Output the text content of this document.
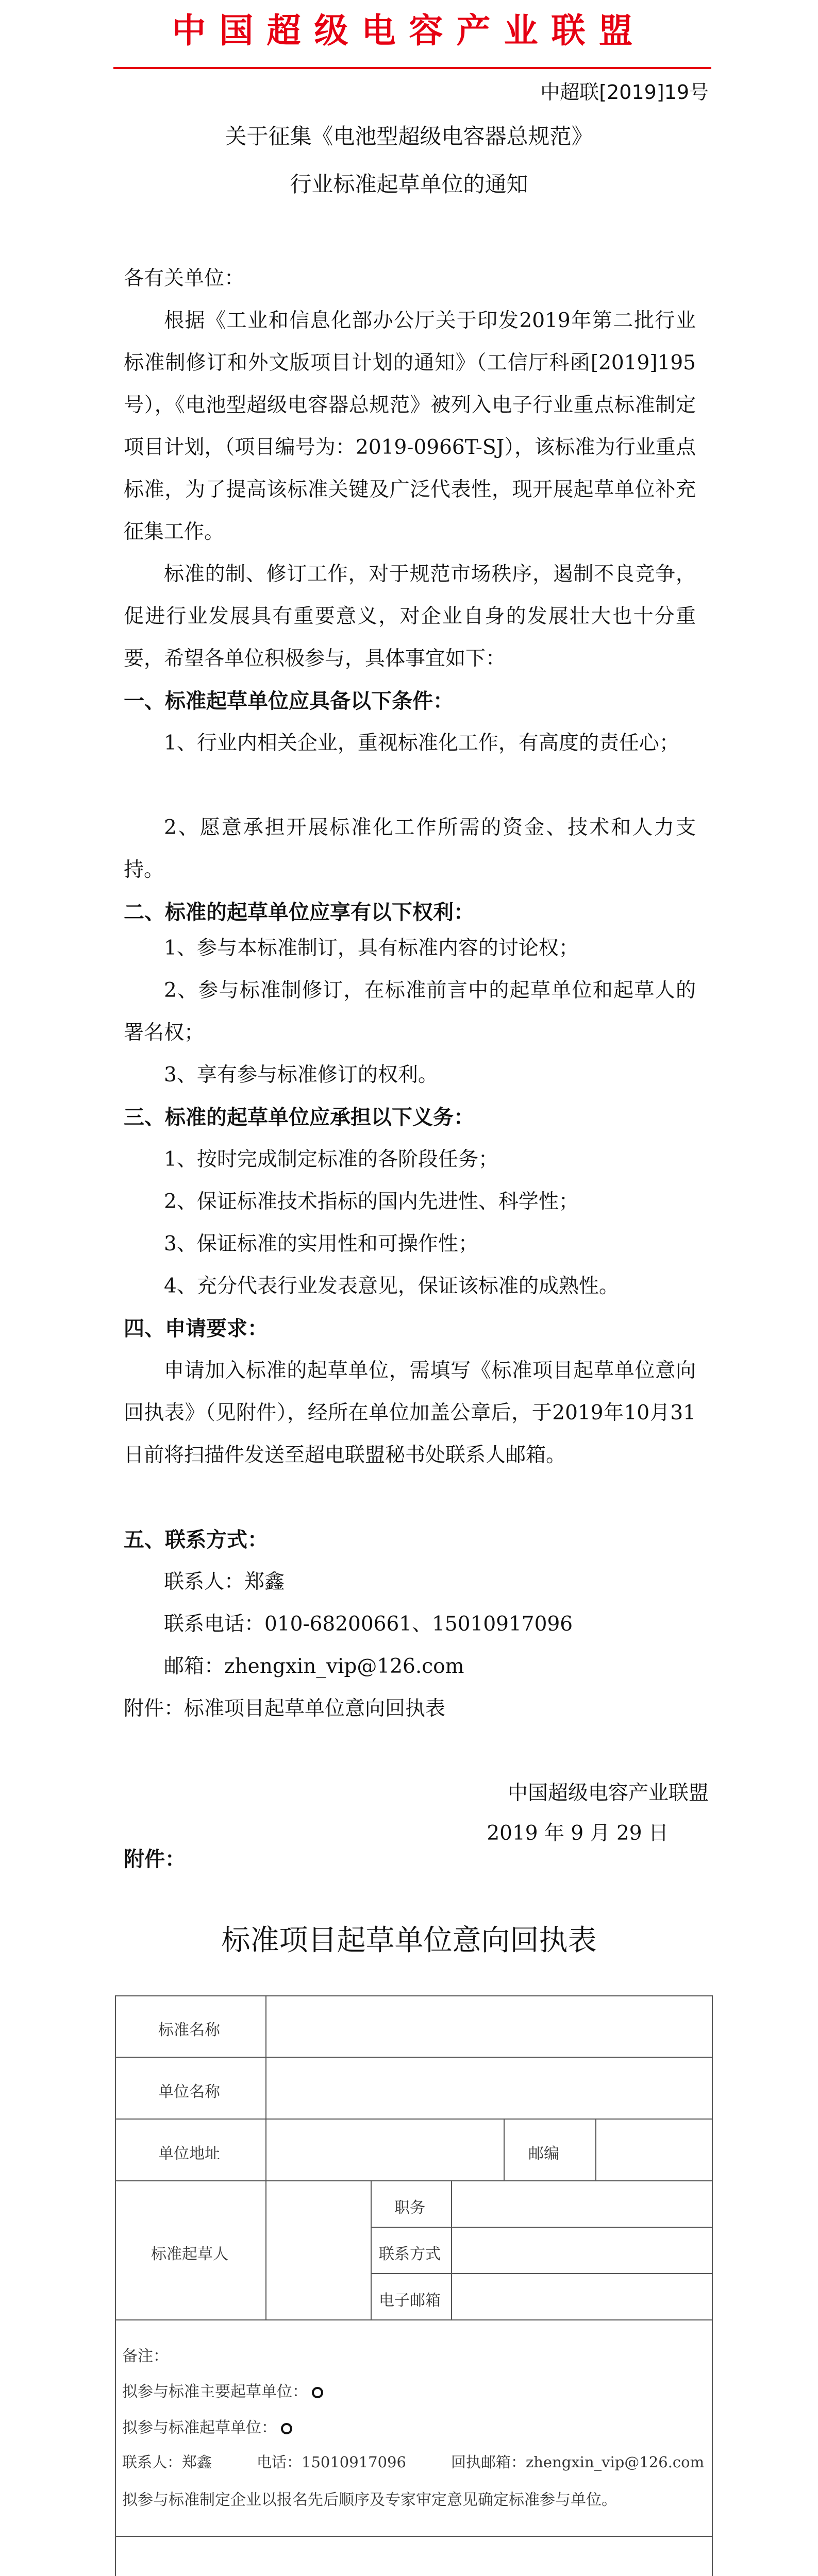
中国超级电容产业联盟
中超联[2019]19号
关于征集《电池型超级电容器总规范》
行业标准起草单位的通知
各有关单位：
根据《工业和信息化部办公厅关于印发2019年第二批行业标准制修订和外文版项目计划的通知》（工信厅科函[2019]195号），《电池型超级电容器总规范》被列入电子行业重点标准制定项目计划，（项目编号为：2019-0966T-SJ），该标准为行业重点标准，为了提高该标准关键及广泛代表性，现开展起草单位补充征集工作。
标准的制、修订工作，对于规范市场秩序，遏制不良竞争，促进行业发展具有重要意义，对企业自身的发展壮大也十分重要，希望各单位积极参与，具体事宜如下：
一、标准起草单位应具备以下条件：
1、行业内相关企业，重视标准化工作，有高度的责任心；
2、愿意承担开展标准化工作所需的资金、技术和人力支持。
二、标准的起草单位应享有以下权利：
1、参与本标准制订，具有标准内容的讨论权；
2、参与标准制修订，在标准前言中的起草单位和起草人的署名权；
3、享有参与标准修订的权利。
三、标准的起草单位应承担以下义务：
1、按时完成制定标准的各阶段任务；
2、保证标准技术指标的国内先进性、科学性；
3、保证标准的实用性和可操作性；
4、充分代表行业发表意见，保证该标准的成熟性。
四、申请要求：
申请加入标准的起草单位，需填写《标准项目起草单位意向回执表》（见附件），经所在单位加盖公章后，于2019年10月31日前将扫描件发送至超电联盟秘书处联系人邮箱。
五、联系方式：
联系人：郑鑫
联系电话：010-68200661、15010917096
邮箱：zhengxin_vip@126.com
附件：标准项目起草单位意向回执表
中国超级电容产业联盟
2019 年 9 月 29 日
附件：
标准项目起草单位意向回执表
标准名称
单位名称
单位地址	邮编
标准起草人
职务
联系方式
电子邮箱
备注：
拟参与标准主要起草单位：
拟参与标准起草单位：
联系人：郑鑫　　　电话：15010917096　　　回执邮箱：zhengxin_vip@126.com
拟参与标准制定企业以报名先后顺序及专家审定意见确定标准参与单位。
